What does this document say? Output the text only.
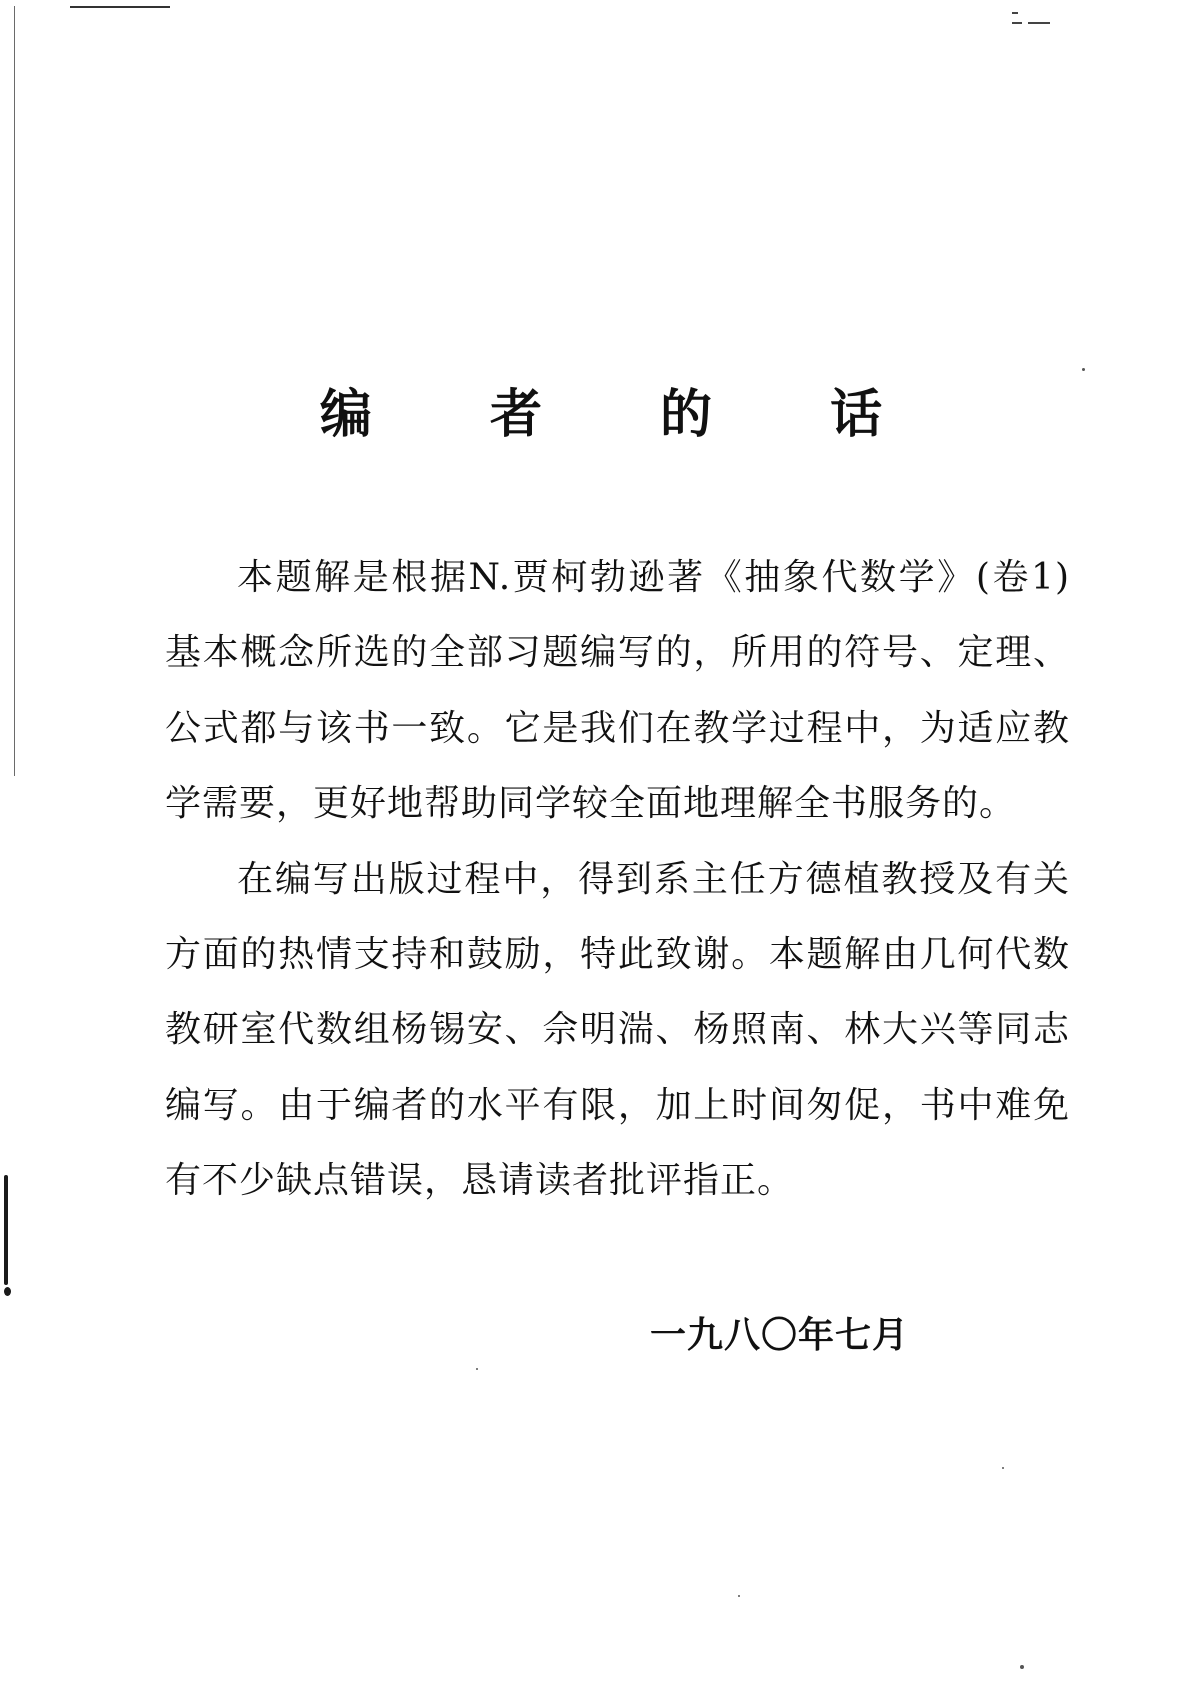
编 者 的 话

本题解是根据N.贾柯勃逊著《抽象代数学》(卷1)基本概念所选的全部习题编写的，所用的符号、定理、公式都与该书一致。它是我们在教学过程中，为适应教学需要，更好地帮助同学较全面地理解全书服务的。

在编写出版过程中，得到系主任方德植教授及有关方面的热情支持和鼓励，特此致谢。本题解由几何代数教研室代数组杨锡安、佘明湍、杨照南、林大兴等同志编写。由于编者的水平有限，加上时间匆促，书中难免有不少缺点错误，恳请读者批评指正。

一九八〇年七月
